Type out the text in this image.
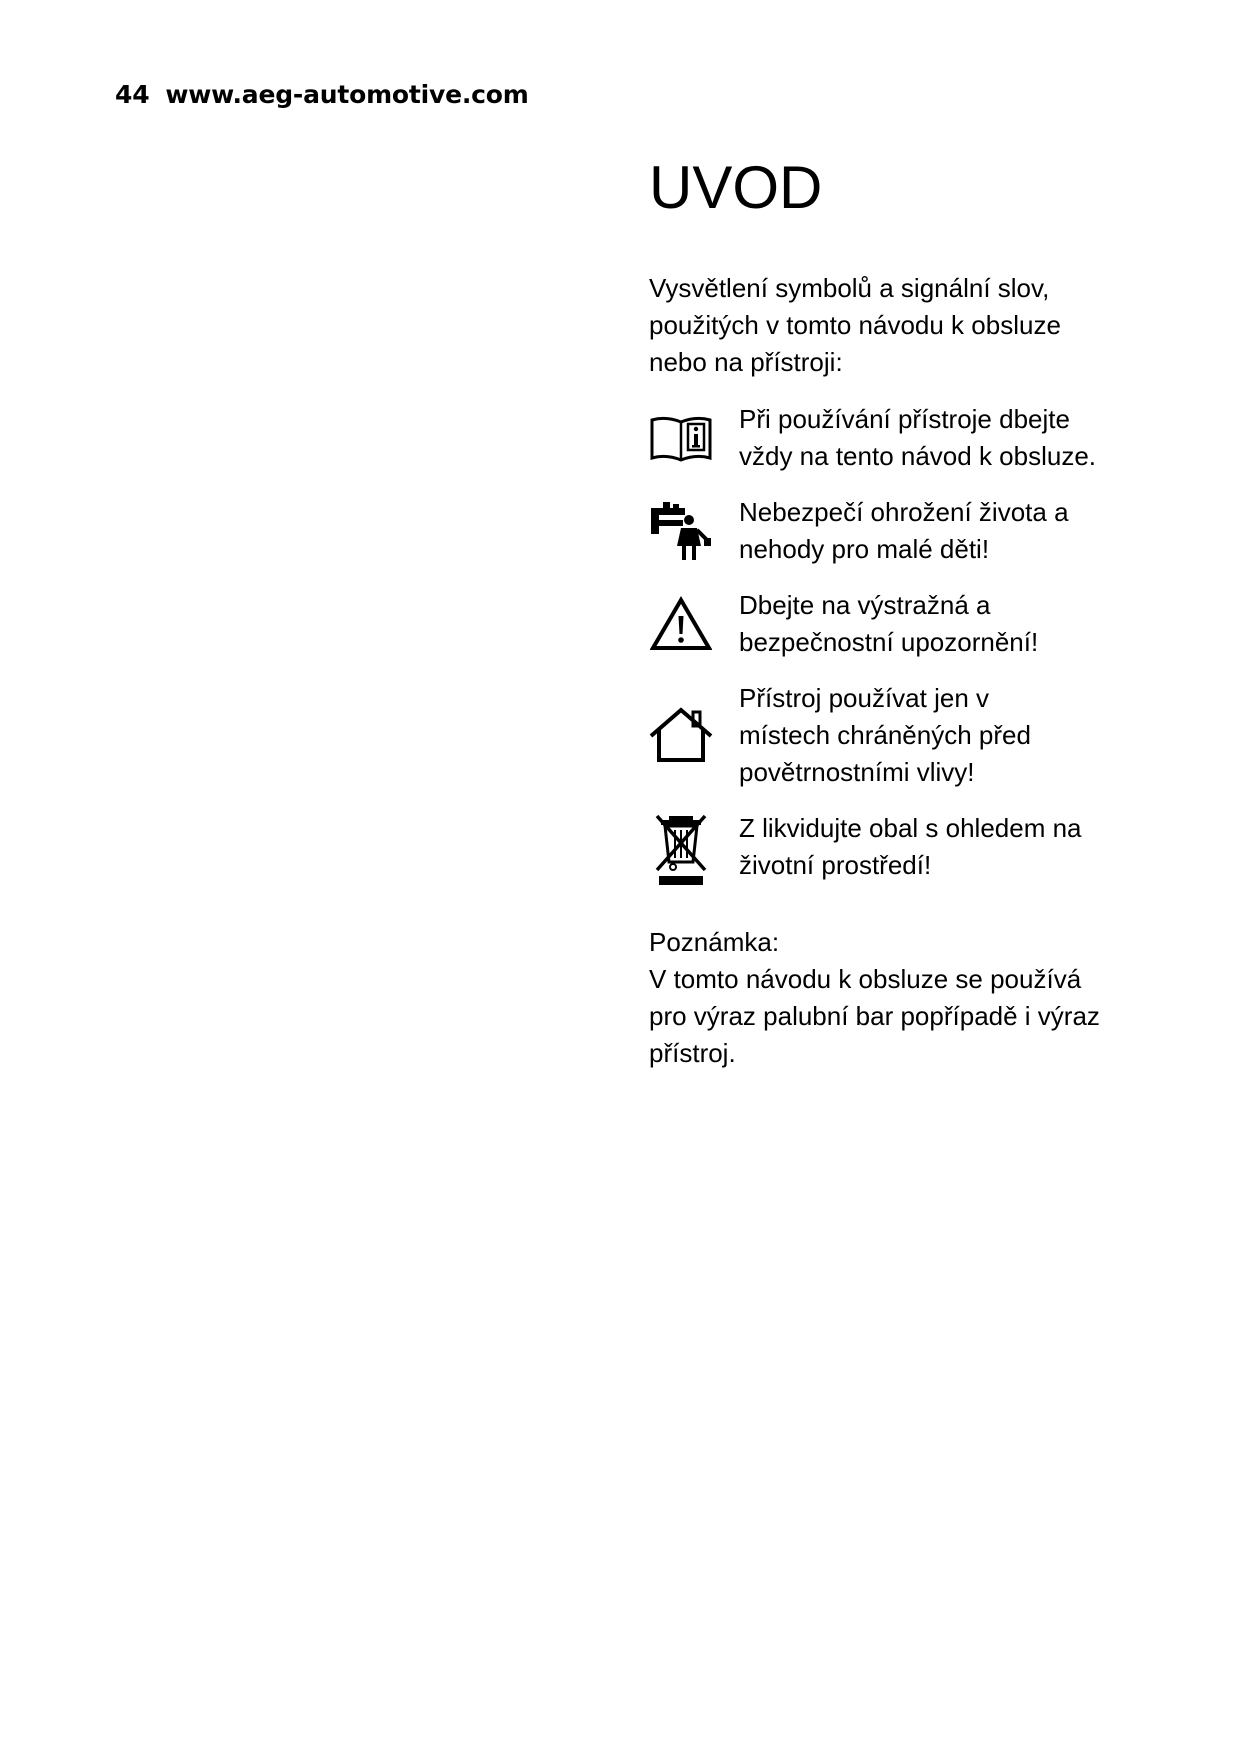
44 www.aeg-automotive.com
UVOD

Vysvětlení symbolů a signální slov,
použitých v tomto návodu k obsluze
nebo na přístroji:

Při používání přístroje dbejte
vždy na tento návod k obsluze.
Nebezpečí ohrožení života a
nehody pro malé děti!
Dbejte na výstražná a
bezpečnostní upozornění!
Přístroj používat jen v
místech chráněných před
povětrnostními vlivy!
Z likvidujte obal s ohledem na
životní prostředí!

Poznámka:

V tomto návodu k obsluze se používá
pro výraz palubní bar popřípadě i výraz
přístroj.
